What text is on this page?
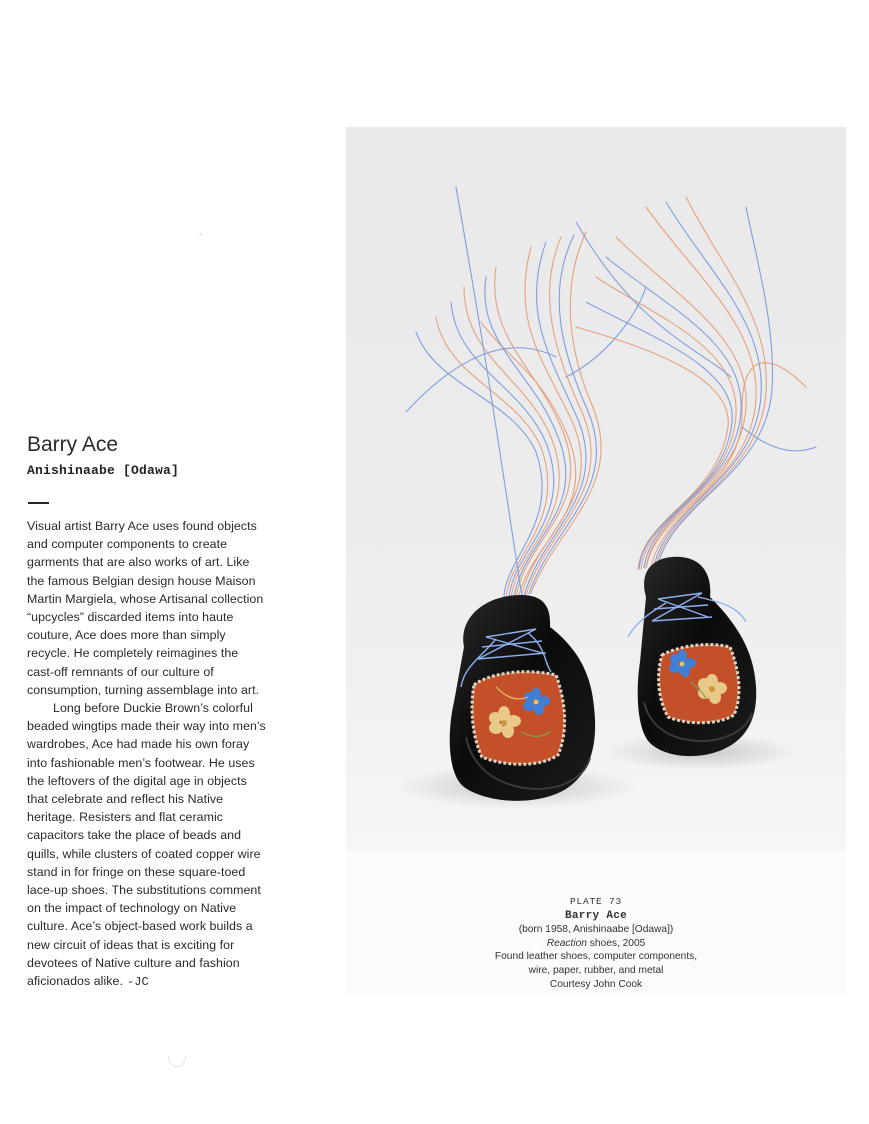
Barry Ace
Anishinaabe [Odawa]

Visual artist Barry Ace uses found objects and computer components to create garments that are also works of art. Like the famous Belgian design house Maison Martin Margiela, whose Artisanal collection “upcycles” discarded items into haute couture, Ace does more than simply recycle. He completely reimagines the cast-off remnants of our culture of consumption, turning assemblage into art.

Long before Duckie Brown’s colorful beaded wingtips made their way into men’s wardrobes, Ace had made his own foray into fashionable men’s footwear. He uses the leftovers of the digital age in objects that celebrate and reflect his Native heritage. Resisters and flat ceramic capacitors take the place of beads and quills, while clusters of coated copper wire stand in for fringe on these square-toed lace-up shoes. The substitutions comment on the impact of technology on Native culture. Ace’s object-based work builds a new circuit of ideas that is exciting for devotees of Native culture and fashion aficionados alike. -JC

PLATE 73
Barry Ace
(born 1958, Anishinaabe [Odawa])
Reaction shoes, 2005
Found leather shoes, computer components,
wire, paper, rubber, and metal
Courtesy John Cook
